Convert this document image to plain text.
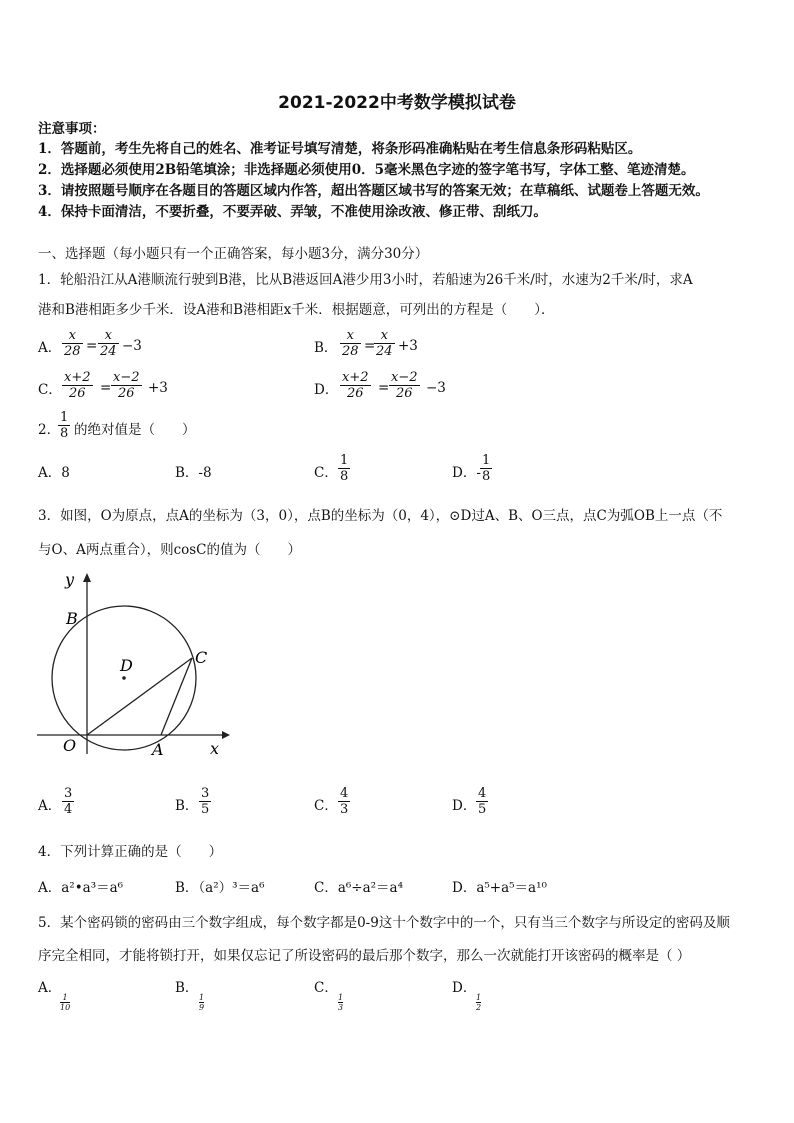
2021-2022中考数学模拟试卷
注意事项：
1．答题前，考生先将自己的姓名、准考证号填写清楚，将条形码准确粘贴在考生信息条形码粘贴区。
2．选择题必须使用2B铅笔填涂；非选择题必须使用0．5毫米黑色字迹的签字笔书写，字体工整、笔迹清楚。
3．请按照题号顺序在各题目的答题区域内作答，超出答题区域书写的答案无效；在草稿纸、试题卷上答题无效。
4．保持卡面清洁，不要折叠，不要弄破、弄皱，不准使用涂改液、修正带、刮纸刀。
一、选择题（每小题只有一个正确答案，每小题3分，满分30分）
1．轮船沿江从A港顺流行驶到B港，比从B港返回A港少用3小时，若船速为26千米/时，水速为2千米/时，求A
港和B港相距多少千米．设A港和B港相距x千米．根据题意，可列出的方程是（　　）．
A．
x
28 =
x
24 −3	B．
x
28 =
x
24 +3
C．
x+2
26 =
x−2
26 +3	D．
x+2
26 =
x−2
26 −3
2．
1
8 的绝对值是（　　）
A．8	B．-8	C．
1
8	D．-
1
8
3．如图，O为原点，点A的坐标为（3，0），点B的坐标为（0，4），⊙D过A、B、O三点，点C为弧OB上一点（不
与O、A两点重合），则cosC的值为（　　）
y
x
B
D	C
O	A
A．
3
4	B．
3
5	C．
4
3	D．
4
5
4．下列计算正确的是（　　）
A．a²•a³＝a⁶	B．（a²）³＝a⁶	C．a⁶÷a²＝a⁴	D．a⁵+a⁵＝a¹⁰
5．某个密码锁的密码由三个数字组成，每个数字都是0-9这十个数字中的一个，只有当三个数字与所设定的密码及顺
序完全相同，才能将锁打开，如果仅忘记了所设密码的最后那个数字，那么一次就能打开该密码的概率是（ ）
A．
1
10
B．
1
9
C．
1
3
D．
1
2
